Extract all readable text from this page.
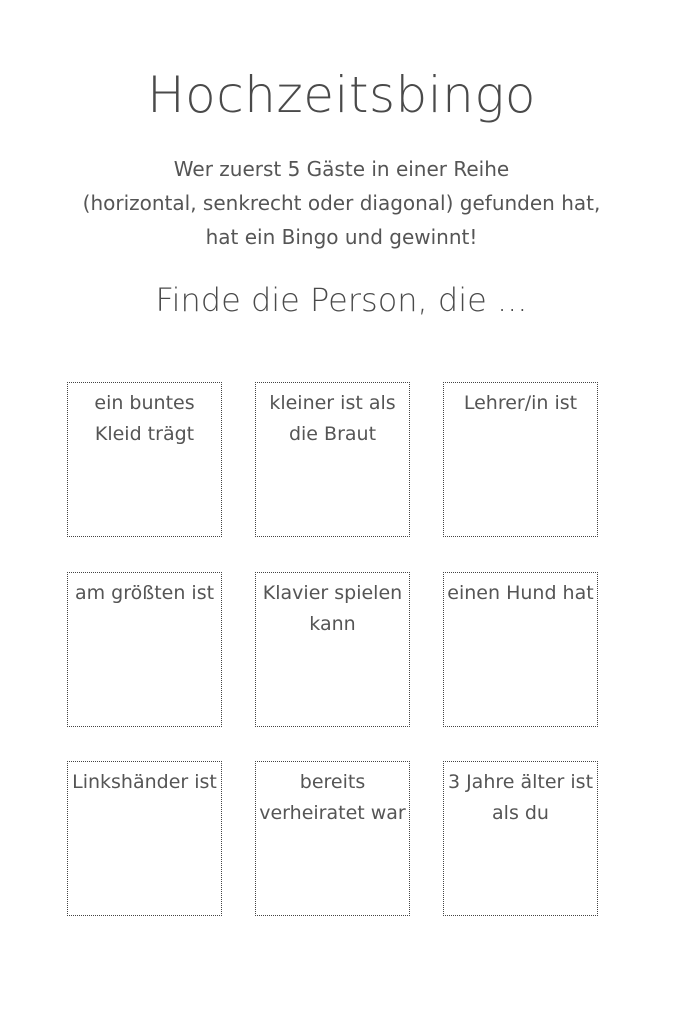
Hochzeitsbingo
Wer zuerst 5 Gäste in einer Reihe
(horizontal, senkrecht oder diagonal) gefunden hat,
hat ein Bingo und gewinnt!
Finde die Person, die ...
ein buntes
Kleid trägt
kleiner ist als
die Braut
Lehrer/in ist
am größten ist	Klavier spielen
kann
einen Hund hat
Linkshänder ist	bereits
verheiratet war
3 Jahre älter ist
als du
